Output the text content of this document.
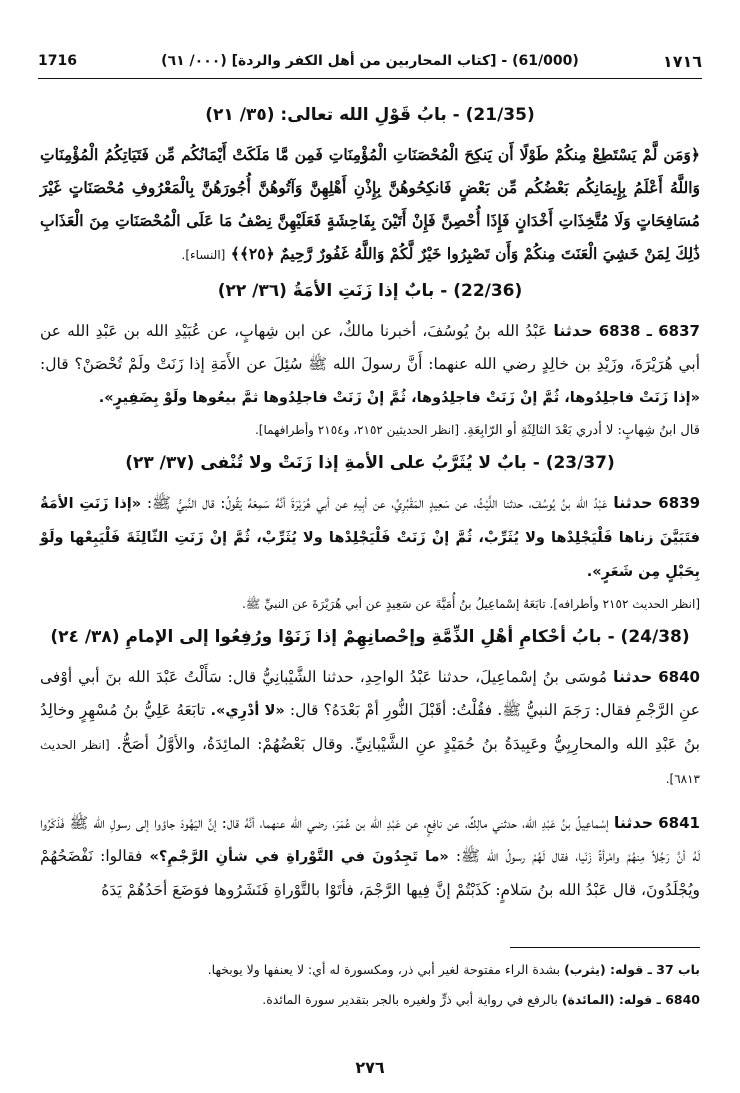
1716	(61/000) - [كتاب المحاربين من أهل الكفر والردة] (٠٠٠/ ٦١)	١٧١٦
(21/35) - بابُ قَوْلِ الله تعالى: (٣٥/ ٢١)

﴿وَمَن لَّمْ يَسْتَطِعْ مِنكُمْ طَوْلًا أَن يَنكِحَ الْمُحْصَنَاتِ الْمُؤْمِنَاتِ فَمِن مَّا مَلَكَتْ أَيْمَانُكُم مِّن فَتَيَاتِكُمُ الْمُؤْمِنَاتِ وَاللَّهُ أَعْلَمُ بِإِيمَانِكُم بَعْضُكُم مِّن بَعْضٍ فَانكِحُوهُنَّ بِإِذْنِ أَهْلِهِنَّ وَآتُوهُنَّ أُجُورَهُنَّ بِالْمَعْرُوفِ مُحْصَنَاتٍ غَيْرَ مُسَافِحَاتٍ وَلَا مُتَّخِذَاتِ أَخْدَانٍ فَإِذَا أُحْصِنَّ فَإِنْ أَتَيْنَ بِفَاحِشَةٍ فَعَلَيْهِنَّ نِصْفُ مَا عَلَى الْمُحْصَنَاتِ مِنَ الْعَذَابِ ذَٰلِكَ لِمَنْ خَشِيَ الْعَنَتَ مِنكُمْ وَأَن تَصْبِرُوا خَيْرٌ لَّكُمْ وَاللَّهُ غَفُورٌ رَّحِيمٌ ﴿٢٥﴾﴾ [النساء].

(22/36) - بابٌ إذا زَنَتِ الأمَةُ (٣٦/ ٢٢)

6837 ـ 6838 حدثنا عَبْدُ الله بنُ يُوسُفَ، أخبرنا مالكٌ، عن ابن شِهابٍ، عن عُبَيْدِ الله بن عَبْدِ الله عن أبي هُرَيْرَةَ، وزَيْدِ بن خالِدٍ رضي الله عنهما: أَنَّ رسولَ الله ﷺ سُئِلَ عن الأَمَةِ إذا زَنَتْ ولَمْ تُحْصَنْ؟ قال: «إذا زَنَتْ فاجلِدُوها، ثُمَّ إنْ زَنَتْ فاجلِدُوها، ثُمَّ إنْ زَنَتْ فاجلِدُوها ثمَّ بيعُوها ولَوْ بِضَفِيرٍ».

قال ابنُ شِهابٍ: لا أدري بَعْدَ الثالِثَةِ أو الرّابِعَةِ. [انظر الحديثين ٢١٥٢، و٢١٥٤ وأطرافهما].

(23/37) - بابٌ لا يُثَرَّبُ على الأمةِ إذا زَنَتْ ولا تُنْفى (٣٧/ ٢٣)

6839 حدثنا عَبْدُ الله بنُ يُوسُفَ، حدثنا اللَّيْثُ، عن سَعِيدٍ المَقْبُرِيِّ، عن أبِيهِ عن أبي هُرَيْرَةَ أنَّهُ سَمِعَهُ يَقُولُ: قال النَّبيُّ ﷺ: «إذا زَنَتِ الأمَةُ فتَبَيَّنَ زناها فَلْيَجْلِدْها ولا يُثَرِّبْ، ثُمَّ إنْ زَنَتْ فَلْيَجْلِدْها ولا يُثَرِّبْ، ثُمَّ إنْ زَنَتِ الثّالِثَةَ فَلْيَبِعْها ولَوْ بِحَبْلٍ مِن شَعَرٍ».

[انظر الحديث ٢١٥٢ وأطرافه]. تابَعَهُ إسْماعِيلُ بنُ أُمَيَّةَ عن سَعِيدٍ عن أبي هُرَيْرَةَ عن النبيِّ ﷺ.

(24/38) - بابُ أحْكامِ أهْلِ الذِّمَّةِ وإحْصانِهِمْ إذا زَنَوْا ورُفِعُوا إلى الإمامِ (٣٨/ ٢٤)

6840 حدثنا مُوسَى بنُ إسْماعِيلَ، حدثنا عَبْدُ الواحِدِ، حدثنا الشَّيْبانِيُّ قال: سَأَلْتُ عَبْدَ الله بنَ أبي أوْفى عنِ الرَّجْمِ فقال: رَجَمَ النبيُّ ﷺ. فقُلْتُ: أقَبْلَ النُّورِ أمْ بَعْدَهُ؟ قال: «لا أدْرِي». تابَعَهُ عَلِيُّ بنُ مُسْهِرٍ وخالِدُ بنُ عَبْدِ الله والمحارِبِيُّ وعَبِيدَةُ بنُ حُمَيْدٍ عنِ الشَّيْبانِيِّ. وقال بَعْضُهُمْ: المائِدَةُ، والأوَّلُ أصَحُّ. [انظر الحديث ٦٨١٣].

6841 حدثنا إسْماعِيلُ بنُ عَبْدِ الله، حدثني مالِكٌ، عن نافِعٍ، عن عَبْدِ الله بن عُمَرَ، رضي الله عنهما، أنَّهُ قال: إنَّ اليَهُودَ جاؤوا إلى رسولِ الله ﷺ فَذَكَرُوا لَهُ أنَّ رَجُلاً مِنهُمْ وامْرأةً زَنَيا، فقال لَهُمْ رسولُ الله ﷺ: «ما تَجِدُونَ في التَّوْراةِ في شأنِ الرَّجْمِ؟» فقالوا: نَفْضَحُهُمْ ويُجْلَدُونَ، قال عَبْدُ الله بنُ سَلامٍ: كَذَبْتُمْ إنَّ فِيها الرَّجْمَ، فأتَوْا بالتَّوْراةِ فَنَشَرُوها فوَضَعَ أحَدُهُمْ يَدَهُ

باب 37 ـ قوله: (يثرب) بشدة الراء مفتوحة لغير أبي ذر، ومكسورة له أي: لا يعنفها ولا يوبخها.

6840 ـ قوله: (المائدة) بالرفع في رواية أبي ذرٍّ ولغيره بالجر بتقدير سورة المائدة.

٢٧٦
